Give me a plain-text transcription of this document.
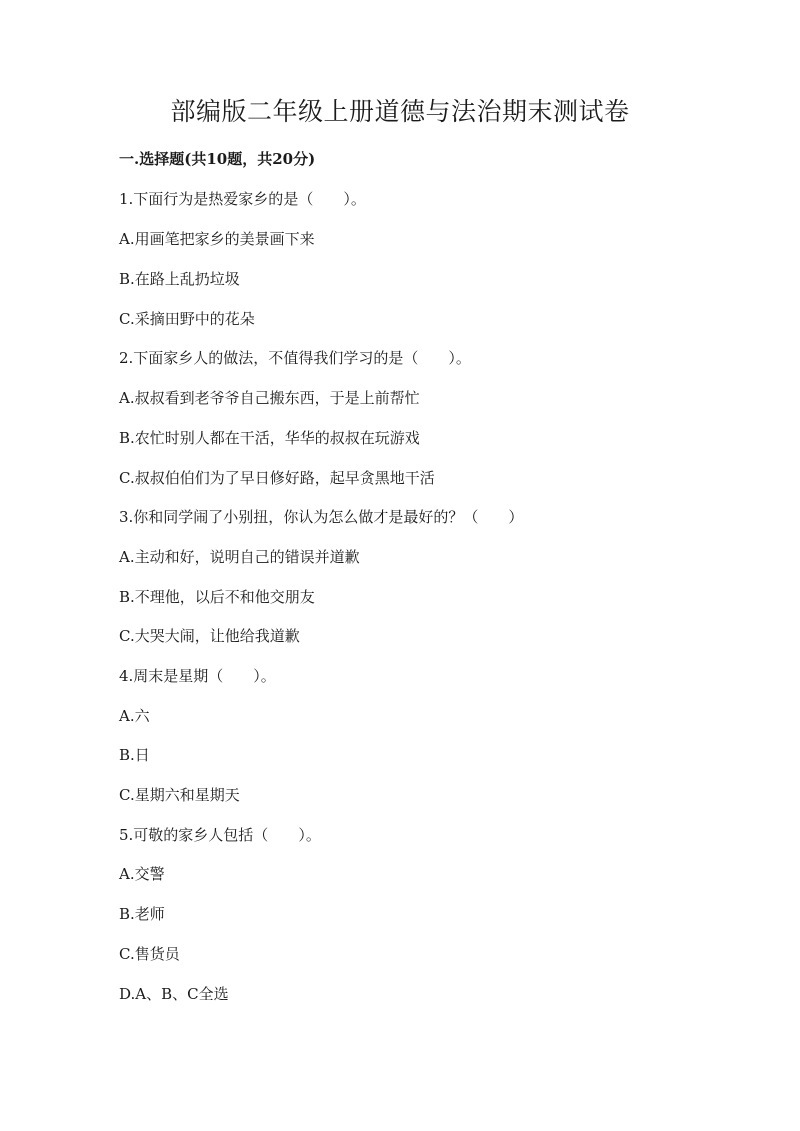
部编版二年级上册道德与法治期末测试卷
一.选择题(共10题，共20分)
1.下面行为是热爱家乡的是（　　）。
A.用画笔把家乡的美景画下来
B.在路上乱扔垃圾
C.采摘田野中的花朵
2.下面家乡人的做法，不值得我们学习的是（　　）。
A.叔叔看到老爷爷自己搬东西，于是上前帮忙
B.农忙时别人都在干活，华华的叔叔在玩游戏
C.叔叔伯伯们为了早日修好路，起早贪黑地干活
3.你和同学闹了小别扭，你认为怎么做才是最好的？（　　）
A.主动和好，说明自己的错误并道歉
B.不理他，以后不和他交朋友
C.大哭大闹，让他给我道歉
4.周末是星期（　　）。
A.六
B.日
C.星期六和星期天
5.可敬的家乡人包括（　　）。
A.交警
B.老师
C.售货员
D.A、B、C全选
